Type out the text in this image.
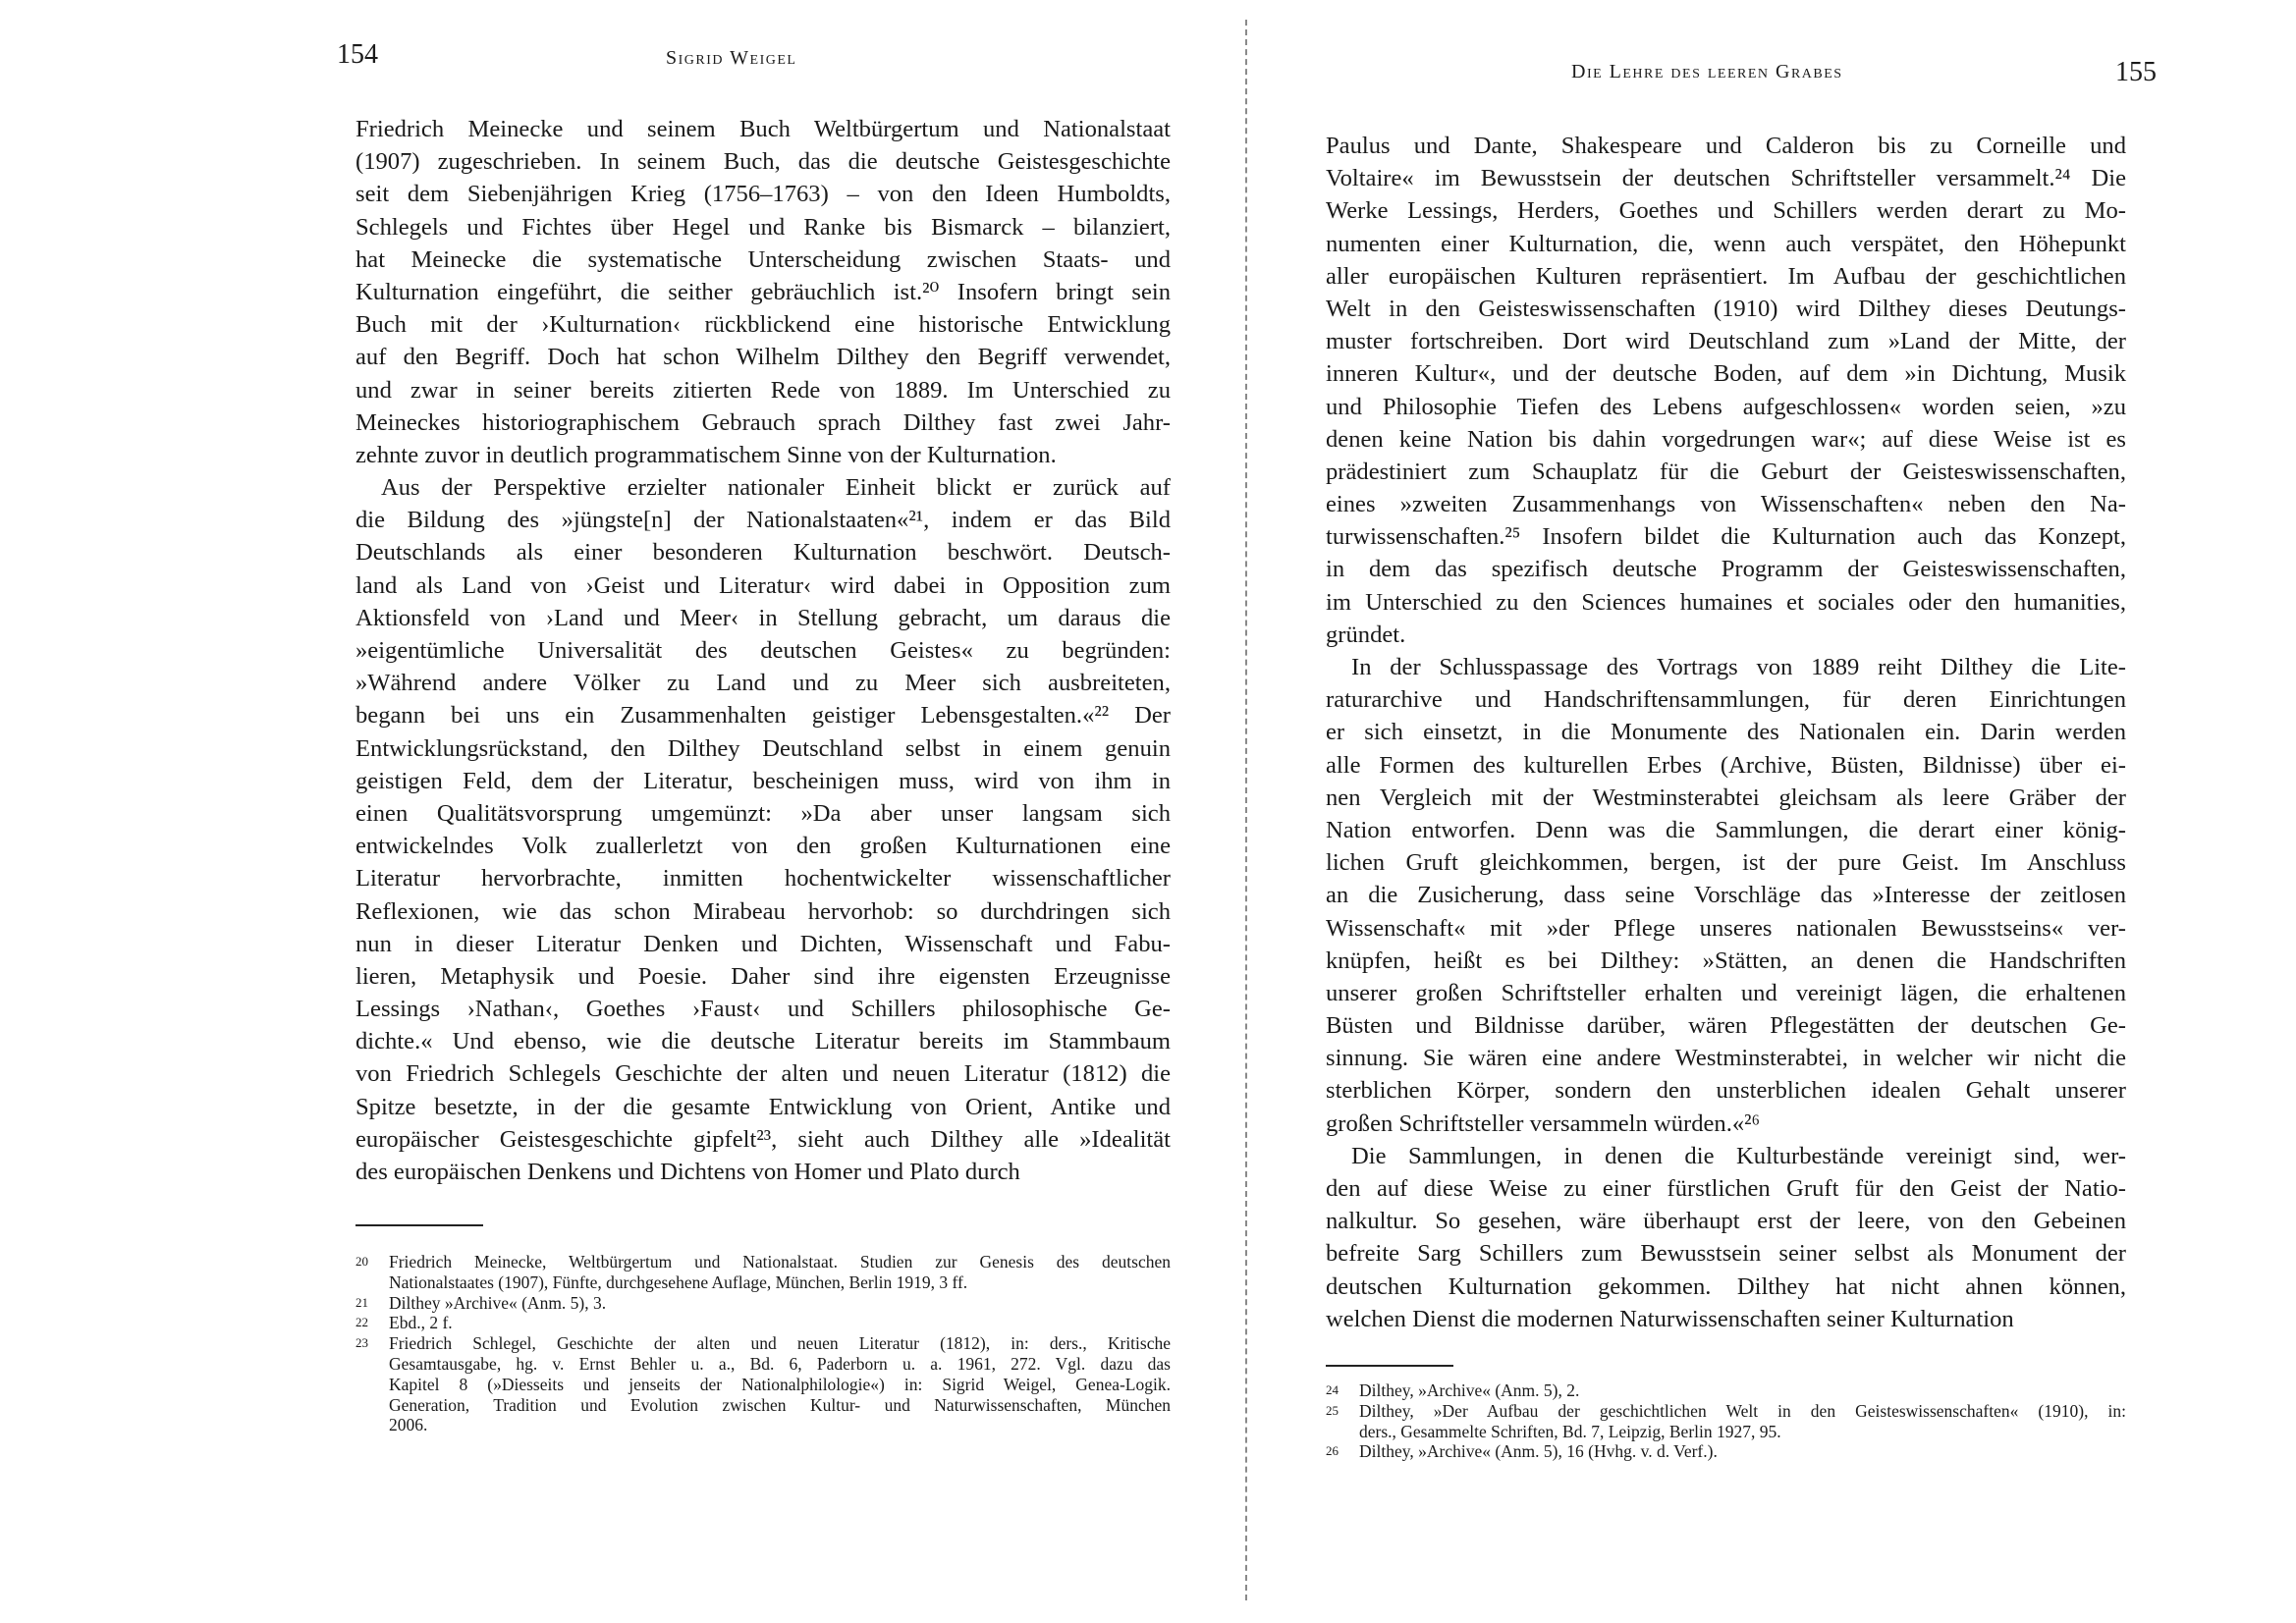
154	Sigrid Weigel
Friedrich Meinecke und seinem Buch Weltbürgertum und Nationalstaat
(1907) zugeschrieben. In seinem Buch, das die deutsche Geistesgeschichte
seit dem Siebenjährigen Krieg (1756–1763) – von den Ideen Humboldts,
Schlegels und Fichtes über Hegel und Ranke bis Bismarck – bilanziert,
hat Meinecke die systematische Unterscheidung zwischen Staats- und
Kulturnation eingeführt, die seither gebräuchlich ist.²⁰ Insofern bringt sein
Buch mit der ›Kulturnation‹ rückblickend eine historische Entwicklung
auf den Begriff. Doch hat schon Wilhelm Dilthey den Begriff verwendet,
und zwar in seiner bereits zitierten Rede von 1889. Im Unterschied zu
Meineckes historiographischem Gebrauch sprach Dilthey fast zwei Jahr-
zehnte zuvor in deutlich programmatischem Sinne von der Kulturnation.
Aus der Perspektive erzielter nationaler Einheit blickt er zurück auf
die Bildung des »jüngste[n] der Nationalstaaten«²¹, indem er das Bild
Deutschlands als einer besonderen Kulturnation beschwört. Deutsch-
land als Land von ›Geist und Literatur‹ wird dabei in Opposition zum
Aktionsfeld von ›Land und Meer‹ in Stellung gebracht, um daraus die
»eigentümliche Universalität des deutschen Geistes« zu begründen:
»Während andere Völker zu Land und zu Meer sich ausbreiteten,
begann bei uns ein Zusammenhalten geistiger Lebensgestalten.«²² Der
Entwicklungsrückstand, den Dilthey Deutschland selbst in einem genuin
geistigen Feld, dem der Literatur, bescheinigen muss, wird von ihm in
einen Qualitätsvorsprung umgemünzt: »Da aber unser langsam sich
entwickelndes Volk zuallerletzt von den großen Kulturnationen eine
Literatur hervorbrachte, inmitten hochentwickelter wissenschaftlicher
Reflexionen, wie das schon Mirabeau hervorhob: so durchdringen sich
nun in dieser Literatur Denken und Dichten, Wissenschaft und Fabu-
lieren, Metaphysik und Poesie. Daher sind ihre eigensten Erzeugnisse
Lessings ›Nathan‹, Goethes ›Faust‹ und Schillers philosophische Ge-
dichte.« Und ebenso, wie die deutsche Literatur bereits im Stammbaum
von Friedrich Schlegels Geschichte der alten und neuen Literatur (1812) die
Spitze besetzte, in der die gesamte Entwicklung von Orient, Antike und
europäischer Geistesgeschichte gipfelt²³, sieht auch Dilthey alle »Idealität
des europäischen Denkens und Dichtens von Homer und Plato durch
20 Friedrich Meinecke, Weltbürgertum und Nationalstaat. Studien zur Genesis des deutschen
Nationalstaates (1907), Fünfte, durchgesehene Auflage, München, Berlin 1919, 3 ff.
21 Dilthey »Archive« (Anm. 5), 3.
22 Ebd., 2 f.
23 Friedrich Schlegel, Geschichte der alten und neuen Literatur (1812), in: ders., Kritische
Gesamtausgabe, hg. v. Ernst Behler u. a., Bd. 6, Paderborn u. a. 1961, 272. Vgl. dazu das
Kapitel 8 (»Diesseits und jenseits der Nationalphilologie«) in: Sigrid Weigel, Genea-Logik.
Generation, Tradition und Evolution zwischen Kultur- und Naturwissenschaften, München
2006.
Die Lehre des leeren Grabes	155
Paulus und Dante, Shakespeare und Calderon bis zu Corneille und
Voltaire« im Bewusstsein der deutschen Schriftsteller versammelt.²⁴ Die
Werke Lessings, Herders, Goethes und Schillers werden derart zu Mo-
numenten einer Kulturnation, die, wenn auch verspätet, den Höhepunkt
aller europäischen Kulturen repräsentiert. Im Aufbau der geschichtlichen
Welt in den Geisteswissenschaften (1910) wird Dilthey dieses Deutungs-
muster fortschreiben. Dort wird Deutschland zum »Land der Mitte, der
inneren Kultur«, und der deutsche Boden, auf dem »in Dichtung, Musik
und Philosophie Tiefen des Lebens aufgeschlossen« worden seien, »zu
denen keine Nation bis dahin vorgedrungen war«; auf diese Weise ist es
prädestiniert zum Schauplatz für die Geburt der Geisteswissenschaften,
eines »zweiten Zusammenhangs von Wissenschaften« neben den Na-
turwissenschaften.²⁵ Insofern bildet die Kulturnation auch das Konzept,
in dem das spezifisch deutsche Programm der Geisteswissenschaften,
im Unterschied zu den Sciences humaines et sociales oder den humanities,
gründet.
In der Schlusspassage des Vortrags von 1889 reiht Dilthey die Lite-
raturarchive und Handschriftensammlungen, für deren Einrichtungen
er sich einsetzt, in die Monumente des Nationalen ein. Darin werden
alle Formen des kulturellen Erbes (Archive, Büsten, Bildnisse) über ei-
nen Vergleich mit der Westminsterabtei gleichsam als leere Gräber der
Nation entworfen. Denn was die Sammlungen, die derart einer könig-
lichen Gruft gleichkommen, bergen, ist der pure Geist. Im Anschluss
an die Zusicherung, dass seine Vorschläge das »Interesse der zeitlosen
Wissenschaft« mit »der Pflege unseres nationalen Bewusstseins« ver-
knüpfen, heißt es bei Dilthey: »Stätten, an denen die Handschriften
unserer großen Schriftsteller erhalten und vereinigt lägen, die erhaltenen
Büsten und Bildnisse darüber, wären Pflegestätten der deutschen Ge-
sinnung. Sie wären eine andere Westminsterabtei, in welcher wir nicht die
sterblichen Körper, sondern den unsterblichen idealen Gehalt unserer
großen Schriftsteller versammeln würden.«²⁶
Die Sammlungen, in denen die Kulturbestände vereinigt sind, wer-
den auf diese Weise zu einer fürstlichen Gruft für den Geist der Natio-
nalkultur. So gesehen, wäre überhaupt erst der leere, von den Gebeinen
befreite Sarg Schillers zum Bewusstsein seiner selbst als Monument der
deutschen Kulturnation gekommen. Dilthey hat nicht ahnen können,
welchen Dienst die modernen Naturwissenschaften seiner Kulturnation
24 Dilthey, »Archive« (Anm. 5), 2.
25 Dilthey, »Der Aufbau der geschichtlichen Welt in den Geisteswissenschaften« (1910), in:
ders., Gesammelte Schriften, Bd. 7, Leipzig, Berlin 1927, 95.
26 Dilthey, »Archive« (Anm. 5), 16 (Hvhg. v. d. Verf.).
